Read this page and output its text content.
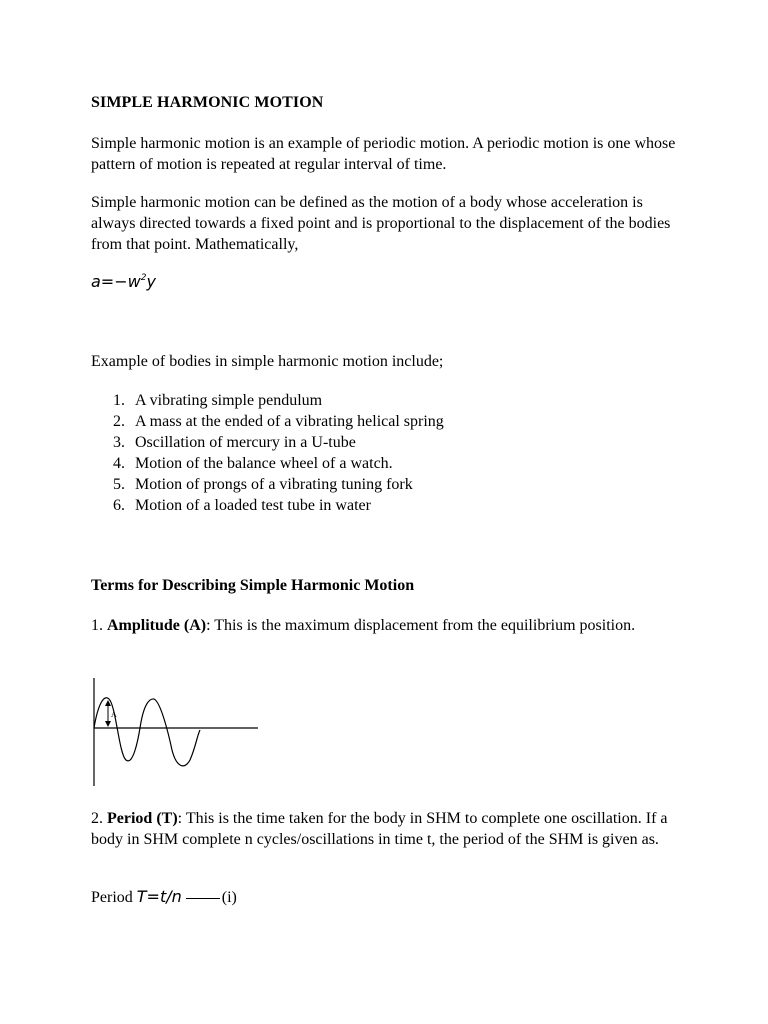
SIMPLE HARMONIC MOTION

Simple harmonic motion is an example of periodic motion. A periodic motion is one whose pattern of motion is repeated at regular interval of time.

Simple harmonic motion can be defined as the motion of a body whose acceleration is always directed towards a fixed point and is proportional to the displacement of the bodies from that point. Mathematically,

$a=-w^2y$

Example of bodies in simple harmonic motion include;

1. A vibrating simple pendulum
2. A mass at the ended of a vibrating helical spring
3. Oscillation of mercury in a U-tube
4. Motion of the balance wheel of a watch.
5. Motion of prongs of a vibrating tuning fork
6. Motion of a loaded test tube in water
Terms for Describing Simple Harmonic Motion

1. Amplitude (A): This is the maximum displacement from the equilibrium position.

2. Period (T): This is the time taken for the body in SHM to complete one oscillation. If a body in SHM complete n cycles/oscillations in time t, the period of the SHM is given as.

Period T=t/n	(i)

A
